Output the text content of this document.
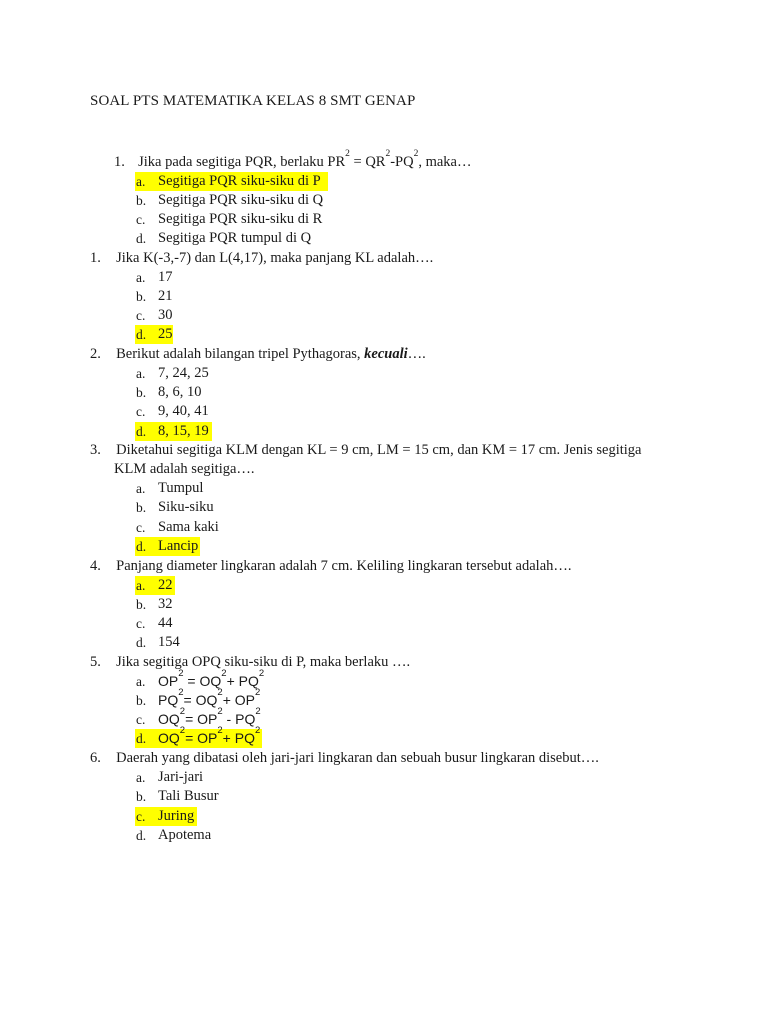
SOAL PTS MATEMATIKA KELAS 8 SMT GENAP
1. Jika pada segitiga PQR, berlaku $PR^2 = QR^2-PQ^2$, maka…
a. Segitiga PQR siku-siku di P
b. Segitiga PQR siku-siku di Q
c. Segitiga PQR siku-siku di R
d. Segitiga PQR tumpul di Q
1. Jika K(-3,-7) dan L(4,17), maka panjang KL adalah….
a. 17
b. 21
c. 30
d. 25
2. Berikut adalah bilangan tripel Pythagoras, kecuali….
a. 7, 24, 25
b. 8, 6, 10
c. 9, 40, 41
d. 8, 15, 19
3. Diketahui segitiga KLM dengan KL = 9 cm, LM = 15 cm, dan KM = 17 cm. Jenis segitiga
KLM adalah segitiga….
a. Tumpul
b. Siku-siku
c. Sama kaki
d. Lancip
4. Panjang diameter lingkaran adalah 7 cm. Keliling lingkaran tersebut adalah….
a. 22
b. 32
c. 44
d. 154
5. Jika segitiga OPQ siku-siku di P, maka berlaku ….
a. $OP^2 = OQ^2+ PQ^2$
b. $PQ^2= OQ^2+ OP^2$
c. $OQ^2= OP^2 - PQ^2$
d. $OQ^2= OP^2+ PQ^2$
6. Daerah yang dibatasi oleh jari-jari lingkaran dan sebuah busur lingkaran disebut….
a. Jari-jari
b. Tali Busur
c. Juring
d. Apotema
